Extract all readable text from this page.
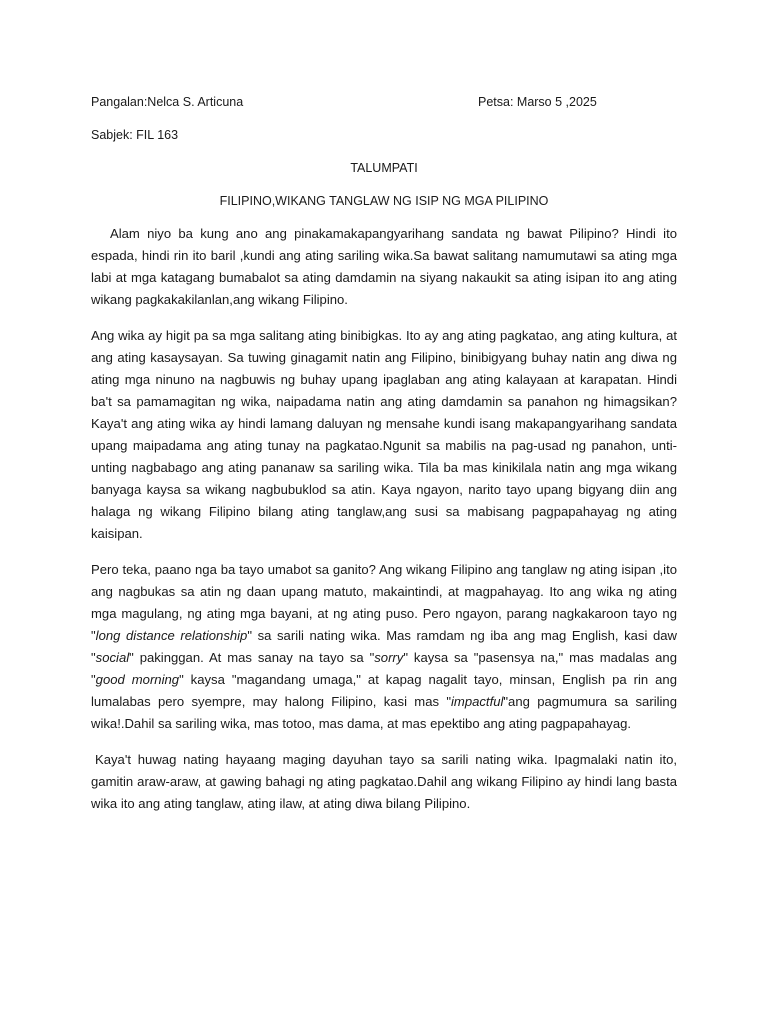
Pangalan:Nelca S. Articuna	Petsa: Marso 5 ,2025
Sabjek: FIL 163
TALUMPATI
FILIPINO,WIKANG TANGLAW NG ISIP NG MGA PILIPINO

Alam niyo ba kung ano ang pinakamakapangyarihang sandata ng bawat Pilipino? Hindi ito espada, hindi rin ito baril ,kundi ang ating sariling wika.Sa bawat salitang namumutawi sa ating mga labi at mga katagang bumabalot sa ating damdamin na siyang nakaukit sa ating isipan ito ang ating wikang pagkakakilanlan,ang wikang Filipino.

Ang wika ay higit pa sa mga salitang ating binibigkas. Ito ay ang ating pagkatao, ang ating kultura, at ang ating kasaysayan. Sa tuwing ginagamit natin ang Filipino, binibigyang buhay natin ang diwa ng ating mga ninuno na nagbuwis ng buhay upang ipaglaban ang ating kalayaan at karapatan. Hindi ba't sa pamamagitan ng wika, naipadama natin ang ating damdamin sa panahon ng himagsikan? Kaya't ang ating wika ay hindi lamang daluyan ng mensahe kundi isang makapangyarihang sandata upang maipadama ang ating tunay na pagkatao.Ngunit sa mabilis na pag-usad ng panahon, unti-unting nagbabago ang ating pananaw sa sariling wika. Tila ba mas kinikilala natin ang mga wikang banyaga kaysa sa wikang nagbubuklod sa atin. Kaya ngayon, narito tayo upang bigyang diin ang halaga ng wikang Filipino bilang ating tanglaw,ang susi sa mabisang pagpapahayag ng ating kaisipan.

Pero teka, paano nga ba tayo umabot sa ganito? Ang wikang Filipino ang tanglaw ng ating isipan ,ito ang nagbukas sa atin ng daan upang matuto, makaintindi, at magpahayag. Ito ang wika ng ating mga magulang, ng ating mga bayani, at ng ating puso. Pero ngayon, parang nagkakaroon tayo ng "long distance relationship" sa sarili nating wika. Mas ramdam ng iba ang mag English, kasi daw "social" pakinggan. At mas sanay na tayo sa "sorry" kaysa sa "pasensya na," mas madalas ang "good morning" kaysa "magandang umaga," at kapag nagalit tayo, minsan, English pa rin ang lumalabas pero syempre, may halong Filipino, kasi mas "impactful"ang pagmumura sa sariling wika!.Dahil sa sariling wika, mas totoo, mas dama, at mas epektibo ang ating pagpapahayag.

Kaya't huwag nating hayaang maging dayuhan tayo sa sarili nating wika. Ipagmalaki natin ito, gamitin araw-araw, at gawing bahagi ng ating pagkatao.Dahil ang wikang Filipino ay hindi lang basta wika ito ang ating tanglaw, ating ilaw, at ating diwa bilang Pilipino.
